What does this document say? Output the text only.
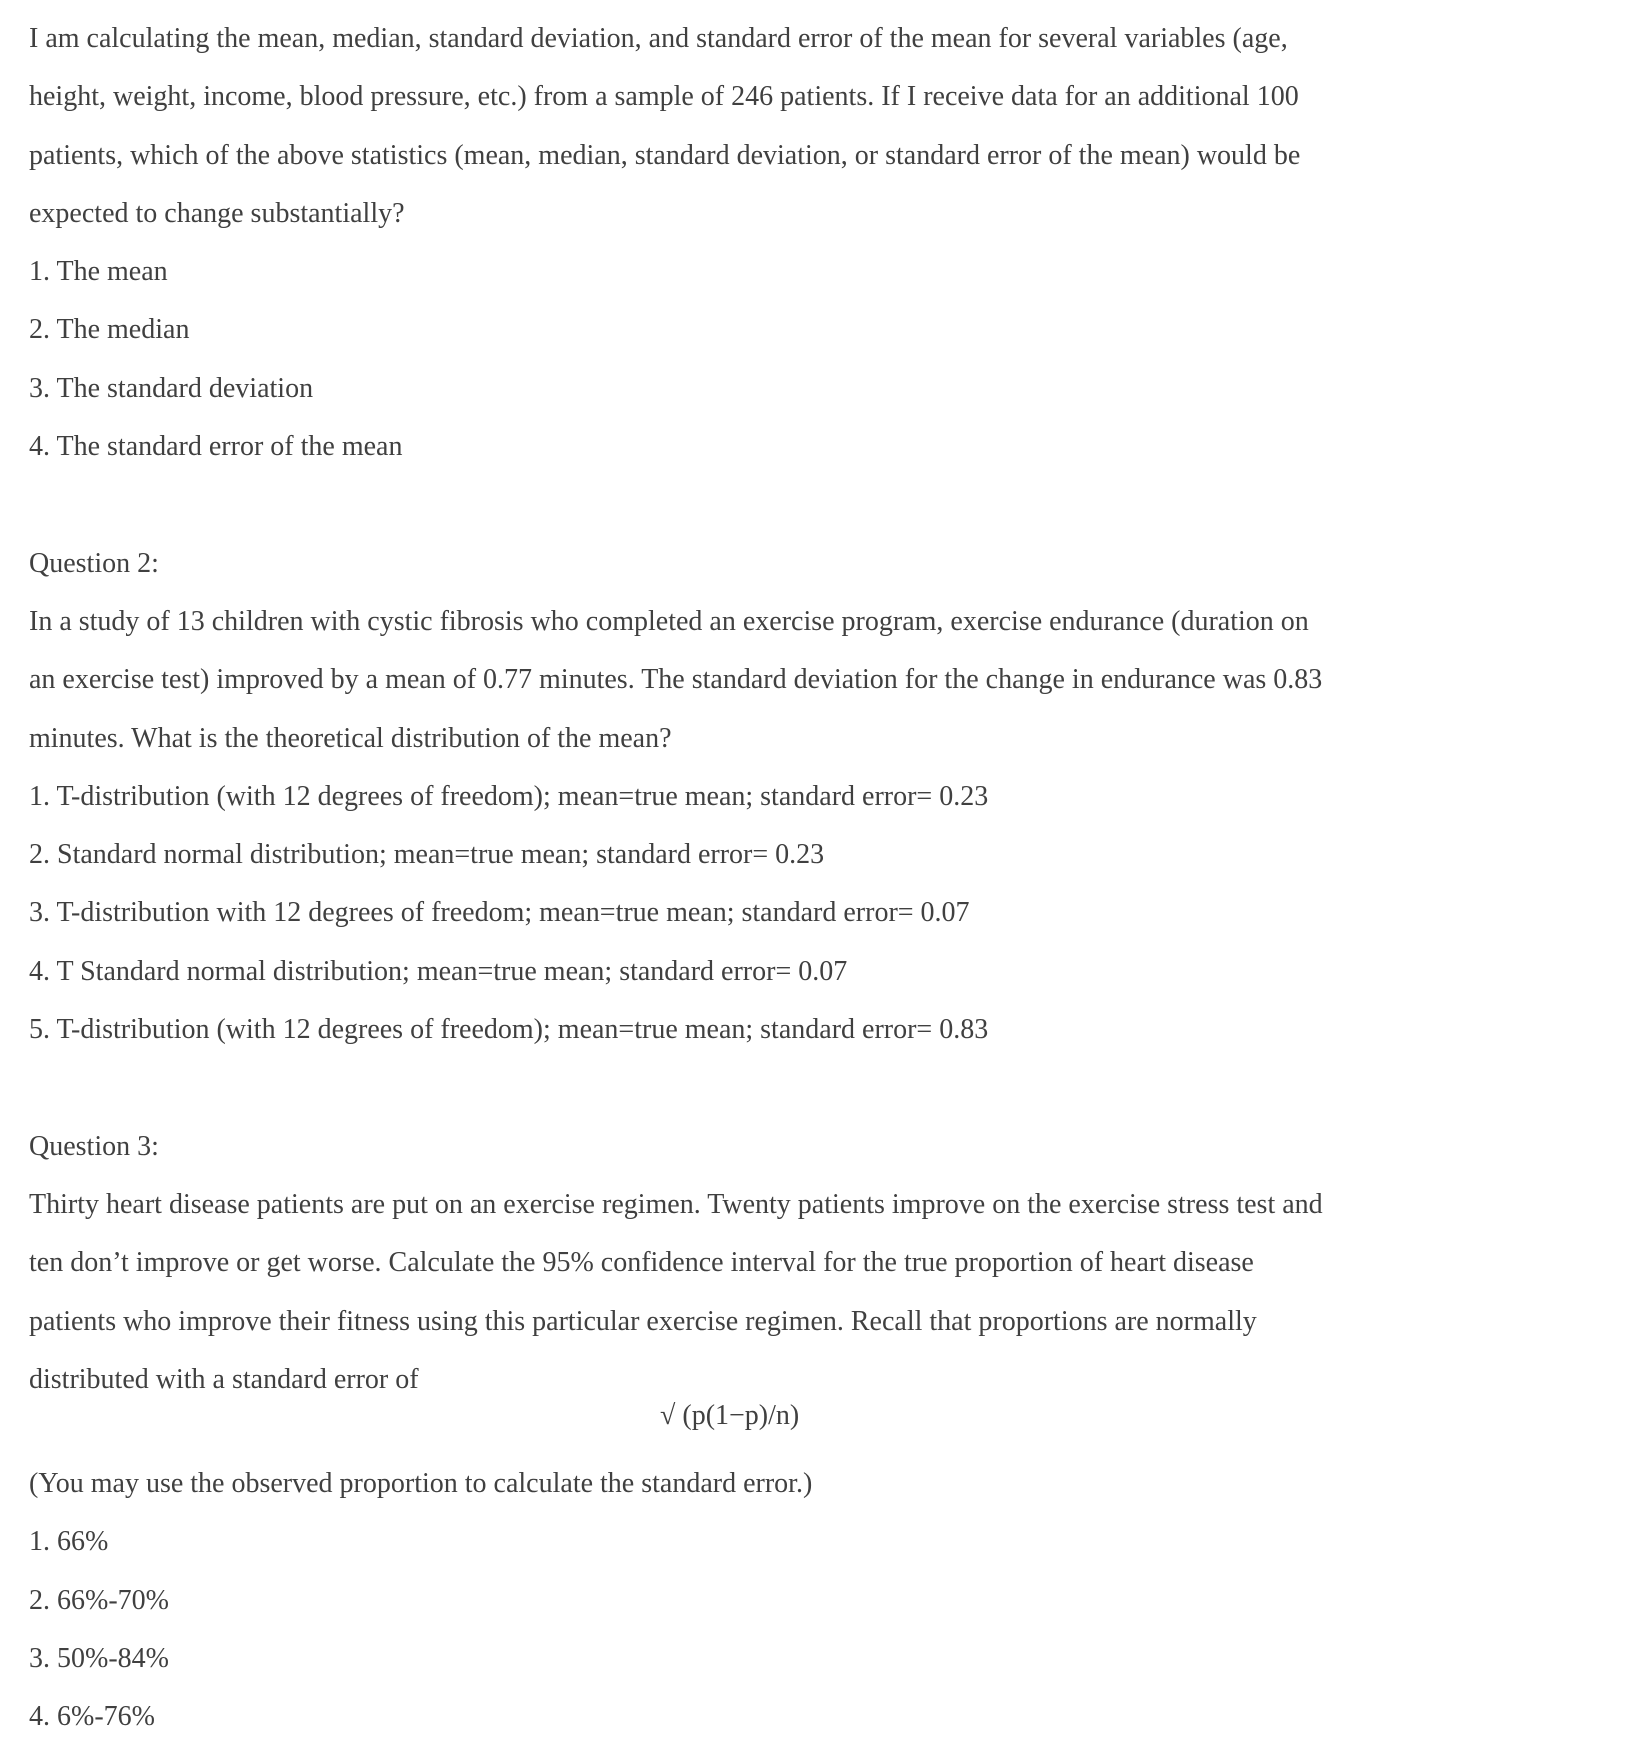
I am calculating the mean, median, standard deviation, and standard error of the mean for several variables (age,
height, weight, income, blood pressure, etc.) from a sample of 246 patients. If I receive data for an additional 100
patients, which of the above statistics (mean, median, standard deviation, or standard error of the mean) would be
expected to change substantially?
1. The mean
2. The median
3. The standard deviation
4. The standard error of the mean
Question 2:
In a study of 13 children with cystic fibrosis who completed an exercise program, exercise endurance (duration on
an exercise test) improved by a mean of 0.77 minutes. The standard deviation for the change in endurance was 0.83
minutes. What is the theoretical distribution of the mean?
1. T-distribution (with 12 degrees of freedom); mean=true mean; standard error= 0.23
2. Standard normal distribution; mean=true mean; standard error= 0.23
3. T-distribution with 12 degrees of freedom; mean=true mean; standard error= 0.07
4. T Standard normal distribution; mean=true mean; standard error= 0.07
5. T-distribution (with 12 degrees of freedom); mean=true mean; standard error= 0.83
Question 3:
Thirty heart disease patients are put on an exercise regimen. Twenty patients improve on the exercise stress test and
ten don’t improve or get worse. Calculate the 95% confidence interval for the true proportion of heart disease
patients who improve their fitness using this particular exercise regimen. Recall that proportions are normally
distributed with a standard error of
√ (p(1−p)/n)
(You may use the observed proportion to calculate the standard error.)
1. 66%
2. 66%-70%
3. 50%-84%
4. 6%-76%
